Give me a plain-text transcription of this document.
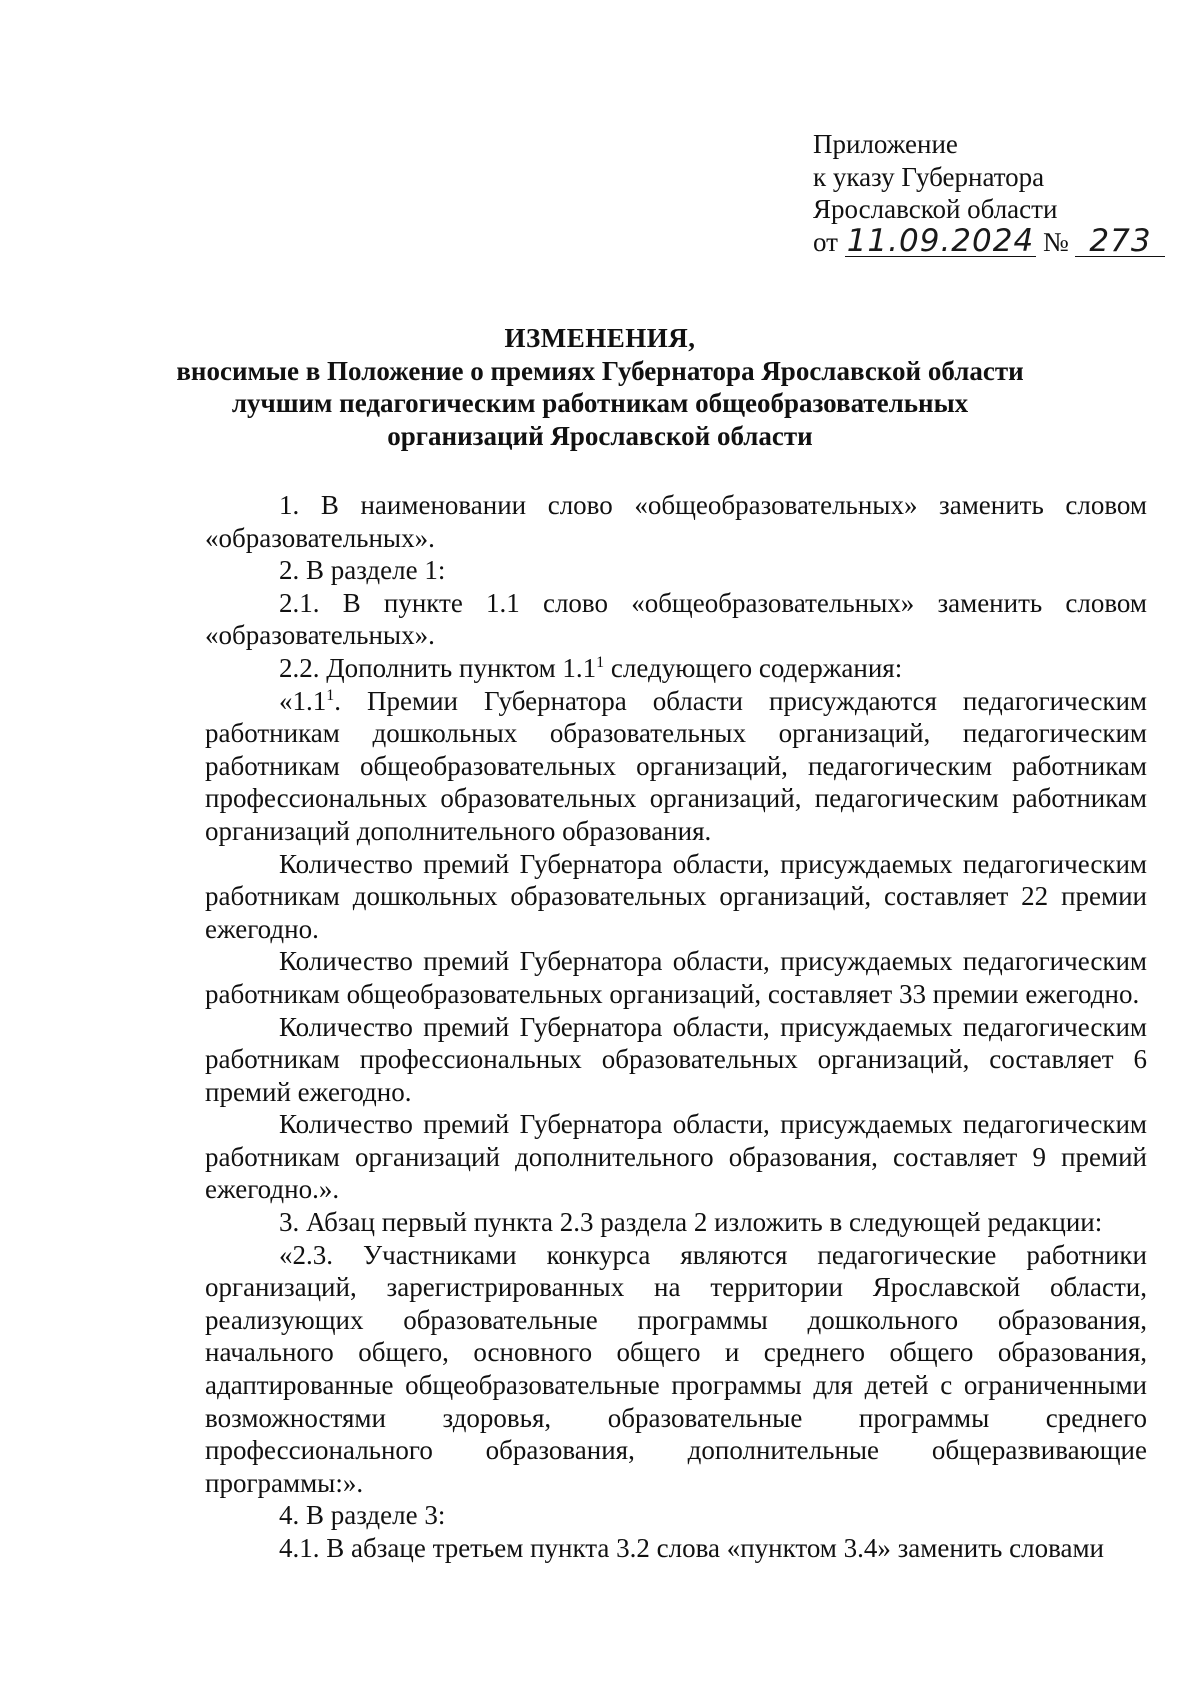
Приложение
к указу Губернатора
Ярославской области
от 11.09.2024 № 273
ИЗМЕНЕНИЯ,
вносимые в Положение о премиях Губернатора Ярославской области
лучшим педагогическим работникам общеобразовательных
организаций Ярославской области

1. В наименовании слово «общеобразовательных» заменить словом «образовательных».

2. В разделе 1:

2.1. В пункте 1.1 слово «общеобразовательных» заменить словом «образовательных».

2.2. Дополнить пунктом $1.1^1$ следующего содержания:

«$1.1^1$. Премии Губернатора области присуждаются педагогическим работникам дошкольных образовательных организаций, педагогическим работникам общеобразовательных организаций, педагогическим работникам профессиональных образовательных организаций, педагогическим работникам организаций дополнительного образования.

Количество премий Губернатора области, присуждаемых педагогическим работникам дошкольных образовательных организаций, составляет 22 премии ежегодно.

Количество премий Губернатора области, присуждаемых педагогическим работникам общеобразовательных организаций, составляет 33 премии ежегодно.

Количество премий Губернатора области, присуждаемых педагогическим работникам профессиональных образовательных организаций, составляет 6 премий ежегодно.

Количество премий Губернатора области, присуждаемых педагогическим работникам организаций дополнительного образования, составляет 9 премий ежегодно.».

3. Абзац первый пункта 2.3 раздела 2 изложить в следующей редакции:

«2.3. Участниками конкурса являются педагогические работники организаций, зарегистрированных на территории Ярославской области, реализующих образовательные программы дошкольного образования, начального общего, основного общего и среднего общего образования, адаптированные общеобразовательные программы для детей с ограниченными возможностями здоровья, образовательные программы среднего профессионального образования, дополнительные общеразвивающие программы:».

4. В разделе 3:

4.1. В абзаце третьем пункта 3.2 слова «пунктом 3.4» заменить словами
